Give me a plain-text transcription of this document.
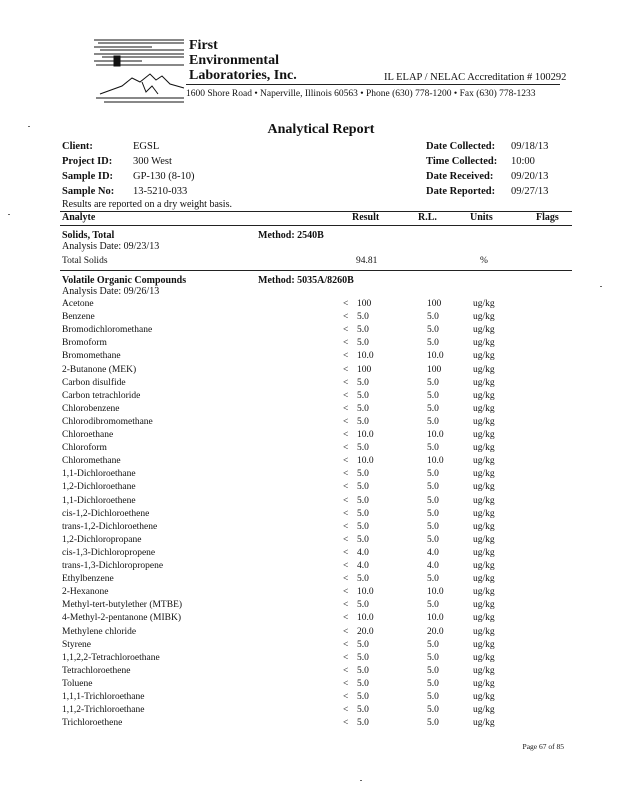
First
Environmental
Laboratories, Inc.	IL ELAP / NELAC Accreditation # 100292
1600 Shore Road • Naperville, Illinois 60563 • Phone (630) 778-1200 • Fax (630) 778-1233
Analytical Report
Client:	EGSL
Project ID: 300 West
Sample ID: GP-130 (8-10)
Sample No: 13-5210-033
Date Collected: 09/18/13
Time Collected: 10:00
Date Received: 09/20/13
Date Reported: 09/27/13
Results are reported on a dry weight basis.
Analyte	Result	R.L.	Units	Flags
Solids, Total	Method: 2540B
Analysis Date: 09/23/13
Total Solids	94.81	%
Volatile Organic Compounds	Method: 5035A/8260B
Analysis Date: 09/26/13
Acetone	< 100	100	ug/kg
Benzene	< 5.0	5.0	ug/kg
Bromodichloromethane	< 5.0	5.0	ug/kg
Bromoform	< 5.0	5.0	ug/kg
Bromomethane	< 10.0	10.0	ug/kg
2-Butanone (MEK)	< 100	100	ug/kg
Carbon disulfide	< 5.0	5.0	ug/kg
Carbon tetrachloride	< 5.0	5.0	ug/kg
Chlorobenzene	< 5.0	5.0	ug/kg
Chlorodibromomethane	< 5.0	5.0	ug/kg
Chloroethane	< 10.0	10.0	ug/kg
Chloroform	< 5.0	5.0	ug/kg
Chloromethane	< 10.0	10.0	ug/kg
1,1-Dichloroethane	< 5.0	5.0	ug/kg
1,2-Dichloroethane	< 5.0	5.0	ug/kg
1,1-Dichloroethene	< 5.0	5.0	ug/kg
cis-1,2-Dichloroethene	< 5.0	5.0	ug/kg
trans-1,2-Dichloroethene	< 5.0	5.0	ug/kg
1,2-Dichloropropane	< 5.0	5.0	ug/kg
cis-1,3-Dichloropropene	< 4.0	4.0	ug/kg
trans-1,3-Dichloropropene	< 4.0	4.0	ug/kg
Ethylbenzene	< 5.0	5.0	ug/kg
2-Hexanone	< 10.0	10.0	ug/kg
Methyl-tert-butylether (MTBE)	< 5.0	5.0	ug/kg
4-Methyl-2-pentanone (MIBK)	< 10.0	10.0	ug/kg
Methylene chloride	< 20.0	20.0	ug/kg
Styrene	< 5.0	5.0	ug/kg
1,1,2,2-Tetrachloroethane	< 5.0	5.0	ug/kg
Tetrachloroethene	< 5.0	5.0	ug/kg
Toluene	< 5.0	5.0	ug/kg
1,1,1-Trichloroethane	< 5.0	5.0	ug/kg
1,1,2-Trichloroethane	< 5.0	5.0	ug/kg
Trichloroethene	< 5.0	5.0	ug/kg
Page 67 of 85
